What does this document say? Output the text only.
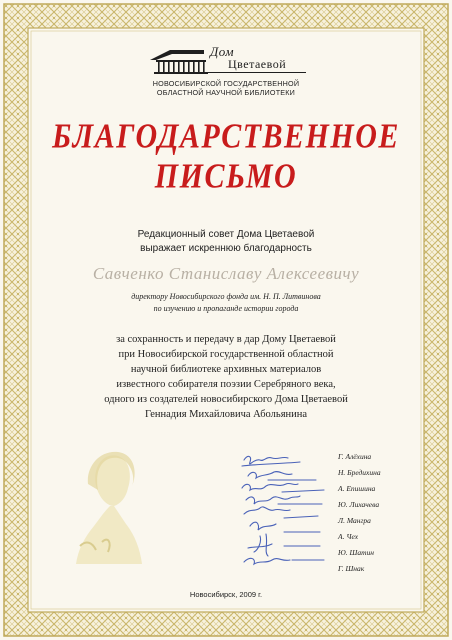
Дом
Цветаевой
НОВОСИБИРСКОЙ ГОСУДАРСТВЕННОЙ
ОБЛАСТНОЙ НАУЧНОЙ БИБЛИОТЕКИ
БЛАГОДАРСТВЕННОЕ
ПИСЬМО
Редакционный совет Дома Цветаевой
выражает искреннюю благодарность
Савченко Станиславу Алексеевичу
директору Новосибирского фонда им. Н. П. Литвинова
по изучению и пропаганде истории города
за сохранность и передачу в дар Дому Цветаевой
при Новосибирской государственной областной
научной библиотеке архивных материалов
известного собирателя поэзии Серебряного века,
одного из создателей новосибирского Дома Цветаевой
Геннадия Михайловича Абольянина
Г. Алёхина
Н. Бредихина
А. Епишина
Ю. Лихачева
Л. Мангра
А. Чех
Ю. Шатин
Г. Шнак
Новосибирск, 2009 г.
